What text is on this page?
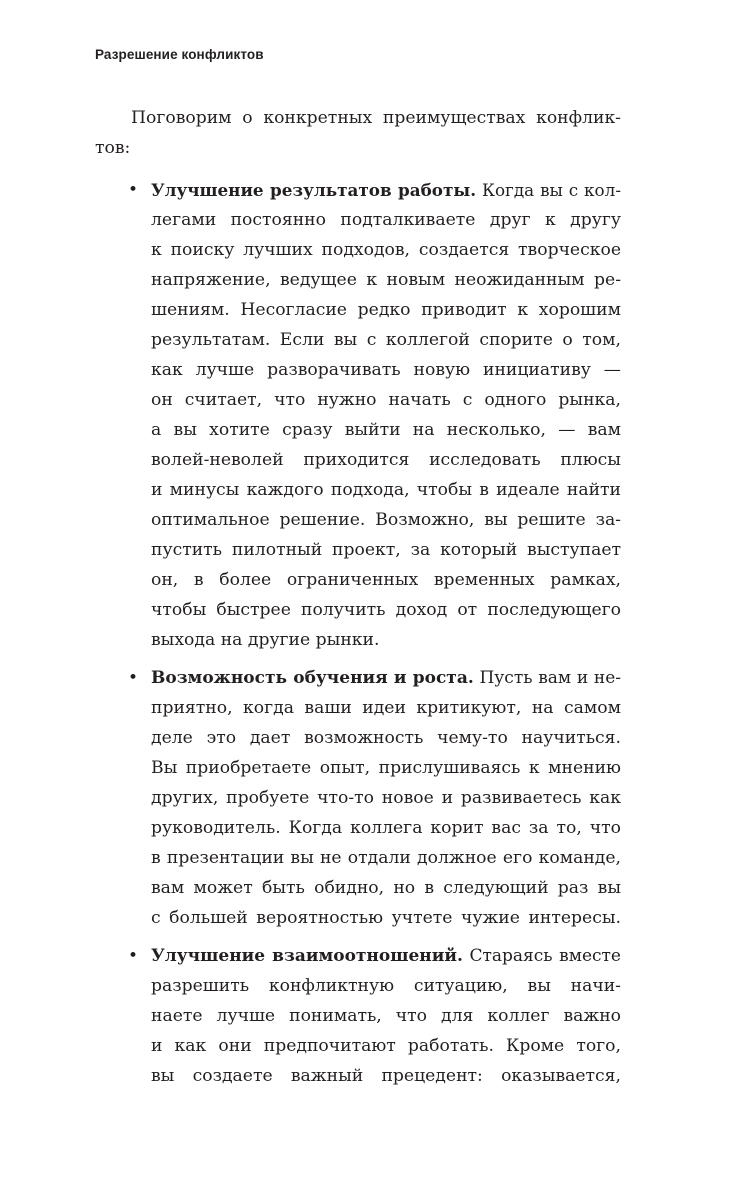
Разрешение конфликтов
Поговорим о конкретных преимуществах конфлик-
тов:
• Улучшение результатов работы. Когда вы с кол-
легами постоянно подталкиваете друг к другу
к поиску лучших подходов, создается творческое
напряжение, ведущее к новым неожиданным ре-
шениям. Несогласие редко приводит к хорошим
результатам. Если вы с коллегой спорите о том,
как лучше разворачивать новую инициативу —
он считает, что нужно начать с одного рынка,
а вы хотите сразу выйти на несколько, — вам
волей-неволей приходится исследовать плюсы
и минусы каждого подхода, чтобы в идеале найти
оптимальное решение. Возможно, вы решите за-
пустить пилотный проект, за который выступает
он, в более ограниченных временных рамках,
чтобы быстрее получить доход от последующего
выхода на другие рынки.
• Возможность обучения и роста. Пусть вам и не-
приятно, когда ваши идеи критикуют, на самом
деле это дает возможность чему-то научиться.
Вы приобретаете опыт, прислушиваясь к мнению
других, пробуете что-то новое и развиваетесь как
руководитель. Когда коллега корит вас за то, что
в презентации вы не отдали должное его команде,
вам может быть обидно, но в следующий раз вы
с большей вероятностью учтете чужие интересы.
• Улучшение взаимоотношений. Стараясь вместе
разрешить конфликтную ситуацию, вы начи-
наете лучше понимать, что для коллег важно
и как они предпочитают работать. Кроме того,
вы создаете важный прецедент: оказывается,
